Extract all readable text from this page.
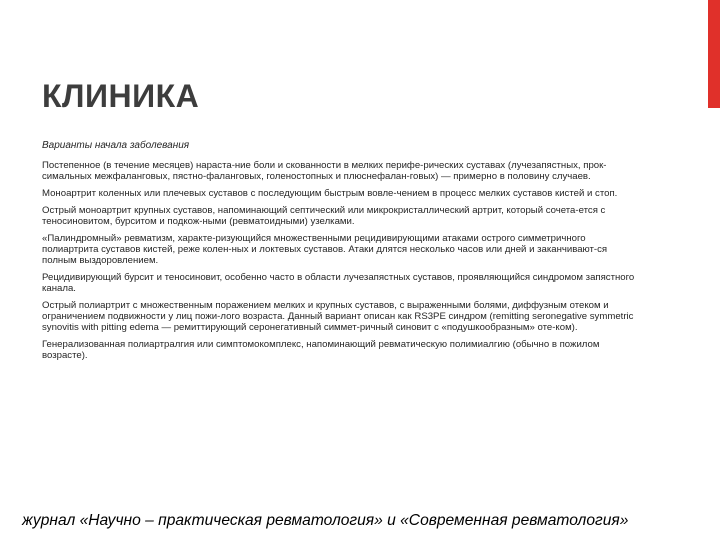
КЛИНИКА
Варианты начала заболевания

Постепенное (в течение месяцев) нараста-ние боли и скованности в мелких перифе-рических суставах (лучезапястных, прок-симальных межфаланговых, пястно-фаланговых, голеностопных и плюснефалан-говых) — примерно в половину случаев.

Моноартрит коленных или плечевых суставов с последующим быстрым вовле-чением в процесс мелких суставов кистей и стоп.

Острый моноартрит крупных суставов, напоминающий септический или микрокристаллический артрит, который сочета-ется с теносиновитом, бурситом и подкож-ными (ревматоидными) узелками.

«Палиндромный» ревматизм, характе-ризующийся множественными рецидивирующими атаками острого симметричного полиартрита суставов кистей, реже колен-ных и локтевых суставов. Атаки длятся несколько часов или дней и заканчивают-ся полным выздоровлением.

Рецидивирующий бурсит и теносиновит, особенно часто в области лучезапястных суставов, проявляющийся синдромом запястного канала.

Острый полиартрит с множественным поражением мелких и крупных суставов, с выраженными болями, диффузным отеком и ограничением подвижности у лиц пожи-лого возраста. Данный вариант описан как RS3PE синдром (remitting seronegative symmetric synovitis with pitting edema — ремиттирующий серонегативный симмет-ричный синовит с «подушкообразным» оте-ком).

Генерализованная полиартралгия или симптомокомплекс, напоминающий ревматическую полимиалгию (обычно в пожилом возрасте).

журнал «Научно – практическая ревматология» и «Современная ревматология»
